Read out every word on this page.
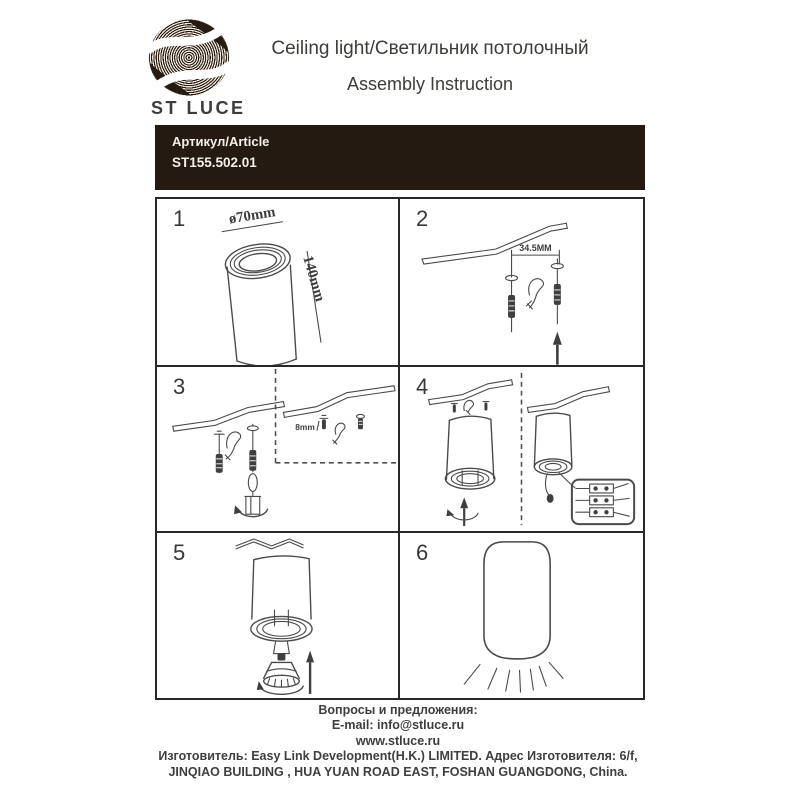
ST LUCE
Ceiling light/Светильник потолочный
Assembly Instruction
Артикул/Article
ST155.502.01
1	ø70mm
140mm
2
34.5MM
3
8mm
4
5	6
Вопросы и предложения:
E-mail: info@stluce.ru
www.stluce.ru
Изготовитель: Easy Link Development(H.K.) LIMITED. Адрес Изготовителя: 6/f,
JINQIAO BUILDING , HUA YUAN ROAD EAST, FOSHAN GUANGDONG, China.
